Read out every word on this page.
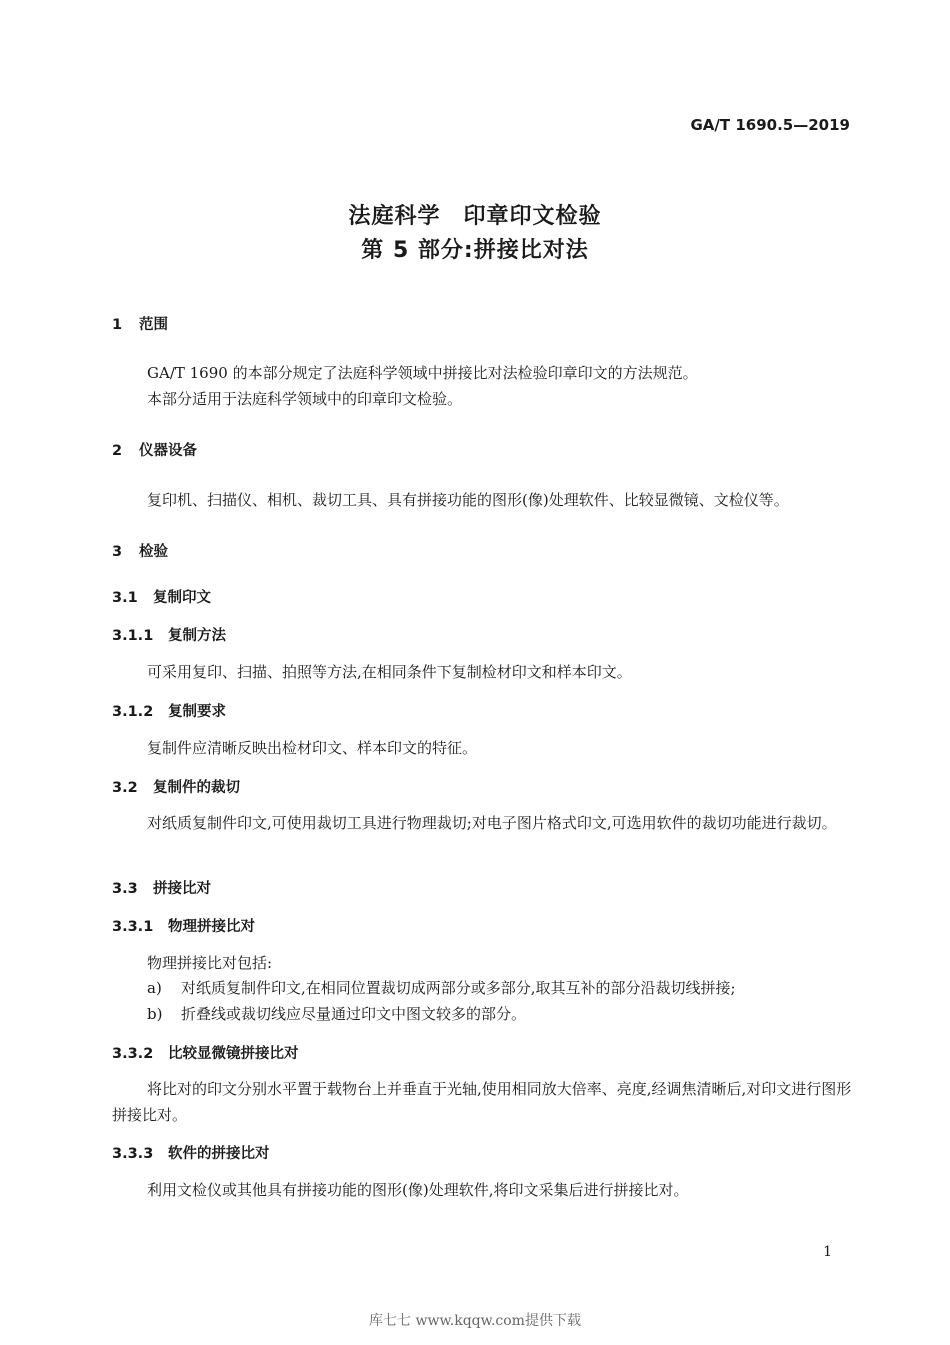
GA/T 1690.5—2019
法庭科学　印章印文检验
第 5 部分:拼接比对法
1 范围
GA/T 1690 的本部分规定了法庭科学领域中拼接比对法检验印章印文的方法规范。
本部分适用于法庭科学领域中的印章印文检验。
2 仪器设备
复印机、扫描仪、相机、裁切工具、具有拼接功能的图形(像)处理软件、比较显微镜、文检仪等。
3 检验
3.1 复制印文
3.1.1 复制方法
可采用复印、扫描、拍照等方法,在相同条件下复制检材印文和样本印文。
3.1.2 复制要求
复制件应清晰反映出检材印文、样本印文的特征。
3.2 复制件的裁切
对纸质复制件印文,可使用裁切工具进行物理裁切;对电子图片格式印文,可选用软件的裁切功能进行裁切。
3.3 拼接比对
3.3.1 物理拼接比对
物理拼接比对包括:
a) 对纸质复制件印文,在相同位置裁切成两部分或多部分,取其互补的部分沿裁切线拼接;
b) 折叠线或裁切线应尽量通过印文中图文较多的部分。
3.3.2 比较显微镜拼接比对
将比对的印文分别水平置于载物台上并垂直于光轴,使用相同放大倍率、亮度,经调焦清晰后,对印文进行图形拼接比对。
3.3.3 软件的拼接比对
利用文检仪或其他具有拼接功能的图形(像)处理软件,将印文采集后进行拼接比对。
1
库七七 www.kqqw.com提供下载
